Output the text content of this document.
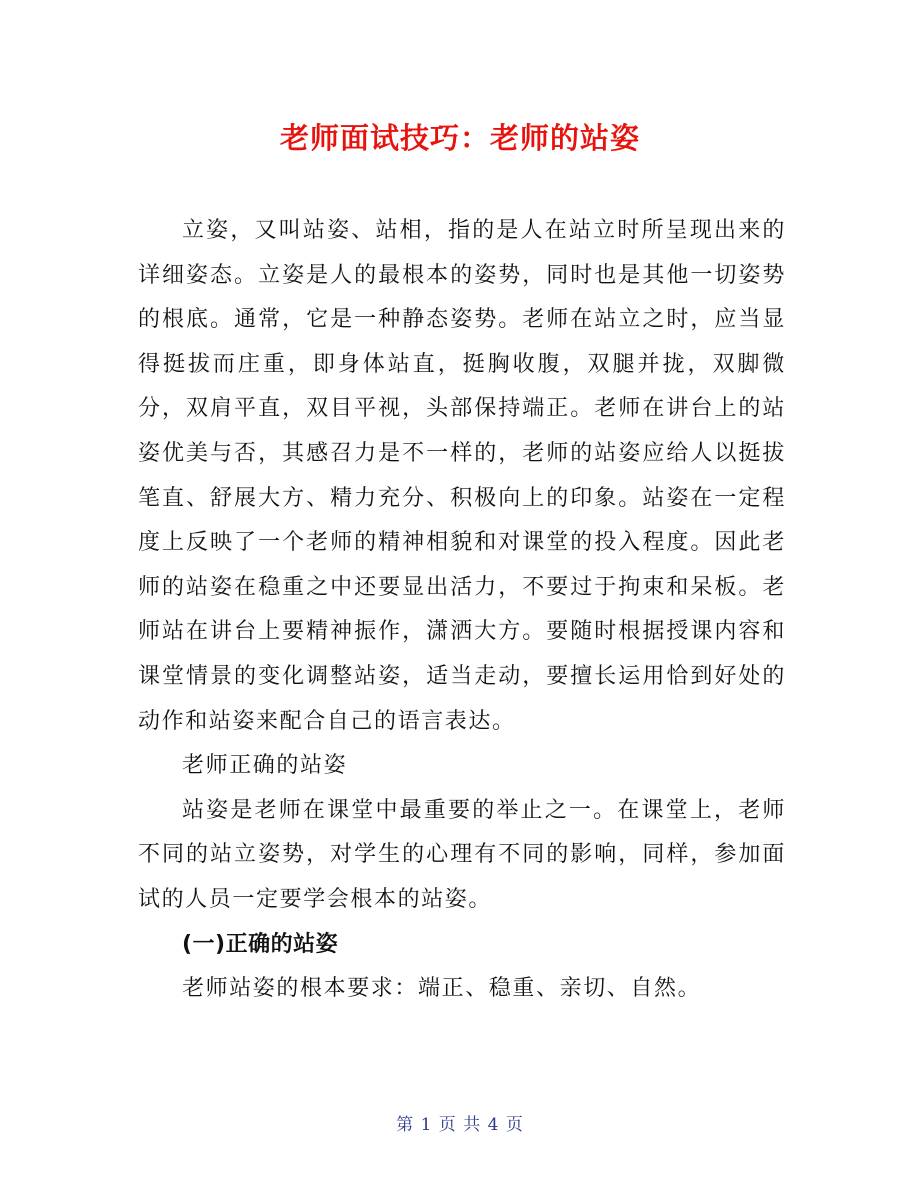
老师面试技巧：老师的站姿

立姿，又叫站姿、站相，指的是人在站立时所呈现出来的详细姿态。立姿是人的最根本的姿势，同时也是其他一切姿势的根底。通常，它是一种静态姿势。老师在站立之时，应当显得挺拔而庄重，即身体站直，挺胸收腹，双腿并拢，双脚微分，双肩平直，双目平视，头部保持端正。老师在讲台上的站姿优美与否，其感召力是不一样的，老师的站姿应给人以挺拔笔直、舒展大方、精力充分、积极向上的印象。站姿在一定程度上反映了一个老师的精神相貌和对课堂的投入程度。因此老师的站姿在稳重之中还要显出活力，不要过于拘束和呆板。老师站在讲台上要精神振作，潇洒大方。要随时根据授课内容和课堂情景的变化调整站姿，适当走动，要擅长运用恰到好处的动作和站姿来配合自己的语言表达。

老师正确的站姿

站姿是老师在课堂中最重要的举止之一。在课堂上，老师不同的站立姿势，对学生的心理有不同的影响，同样，参加面试的人员一定要学会根本的站姿。

(一)正确的站姿

老师站姿的根本要求：端正、稳重、亲切、自然。

第 1 页 共 4 页
